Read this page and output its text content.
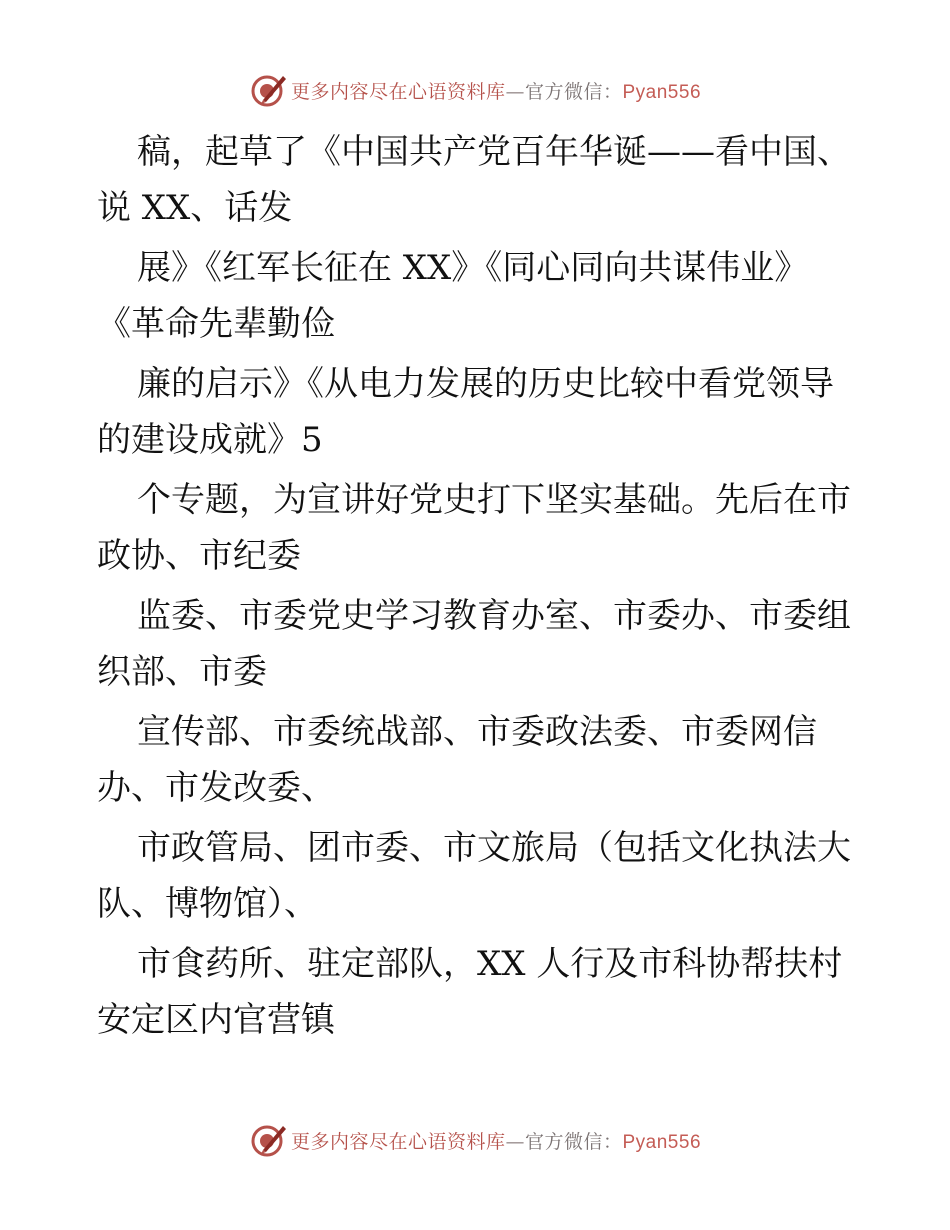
更多内容尽在心语资料库—官方微信：Pyan556
稿，起草了《中国共产党百年华诞——看中国、
说 XX、话发
展》《红军长征在 XX》《同心同向共谋伟业》
《革命先辈勤俭
廉的启示》《从电力发展的历史比较中看党领导
的建设成就》5
个专题，为宣讲好党史打下坚实基础。先后在市
政协、市纪委
监委、市委党史学习教育办室、市委办、市委组
织部、市委
宣传部、市委统战部、市委政法委、市委网信
办、市发改委、
市政管局、团市委、市文旅局（包括文化执法大
队、博物馆）、
市食药所、驻定部队，XX 人行及市科协帮扶村
安定区内官营镇
更多内容尽在心语资料库—官方微信：Pyan556
